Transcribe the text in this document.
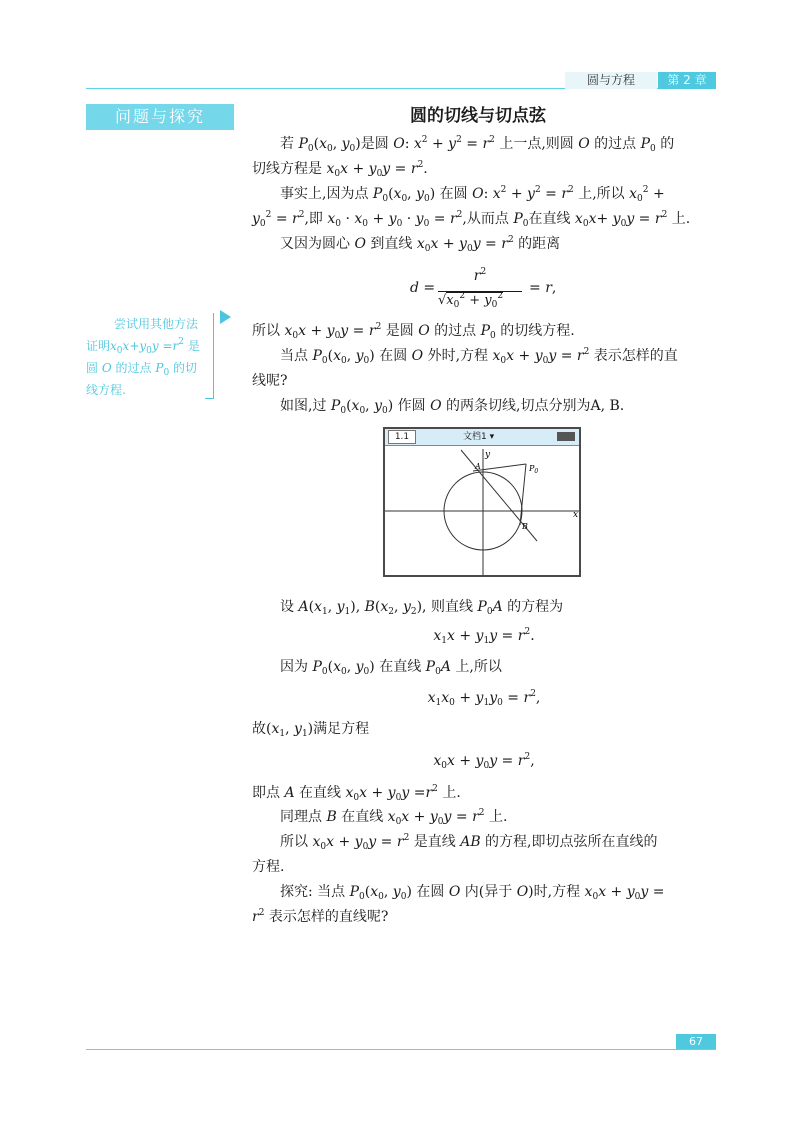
圆与方程	第 2 章
问题与探究	圆的切线与切点弦
若 $P_0(x_0$, $y_0$)是圆 O: $x^2 + y^2 = r^2$ 上一点,则圆 O 的过点 $P_0$ 的
切线方程是 $x_0x + y_0y = r^2$.
事实上,因为点 $P_0(x_0$, $y_0$) 在圆 O: $x^2 + y^2 = r^2$ 上,所以 $x_0^2$ +
$y_0^2 = r^2$,即 $x_0 \cdot x_0 + y_0 \cdot y_0 = r^2$,从而点 $P_0$在直线 $x_0x+ y_0y = r^2$ 上.
又因为圆心 O 到直线 $x_0x + y_0y = r^2$ 的距离
d =
$r^2$
$√x_0^2 + y_0^2$	= r,
所以 $x_0x + y_0y = r^2$ 是圆 O 的过点 $P_0$ 的切线方程.
当点 $P_0(x_0$, $y_0$) 在圆 O 外时,方程 $x_0x + y_0y = r^2$ 表示怎样的直
线呢?
如图,过 $P_0(x_0$, $y_0$) 作圆 O 的两条切线,切点分别为A, B.
尝试用其他方法
证明$x_0x+y_0y =r^2$ 是
圆 O 的过点 $P_0$ 的切
线方程.
1.1	文档1 ▾
y
x
A
B
$P_0$
设 $A(x_1$, $y_1$), $B(x_2$, $y_2$), 则直线 $P_0A$ 的方程为
$x_1x + y_1y = r^2$.
因为 $P_0(x_0$, $y_0$) 在直线 $P_0A$ 上,所以
$x_1x_0 + y_1y_0 = r^2$,
故($x_1$, $y_1$)满足方程
$x_0x + y_0y = r^2$,
即点 A 在直线 $x_0x + y_0y =r^2$ 上.
同理点 B 在直线 $x_0x + y_0y = r^2$ 上.
所以 $x_0x + y_0y = r^2$ 是直线 AB 的方程,即切点弦所在直线的
方程.
探究: 当点 $P_0(x_0$, $y_0$) 在圆 O 内(异于 O)时,方程 $x_0x + y_0y$ =
$r^2$ 表示怎样的直线呢?
67
